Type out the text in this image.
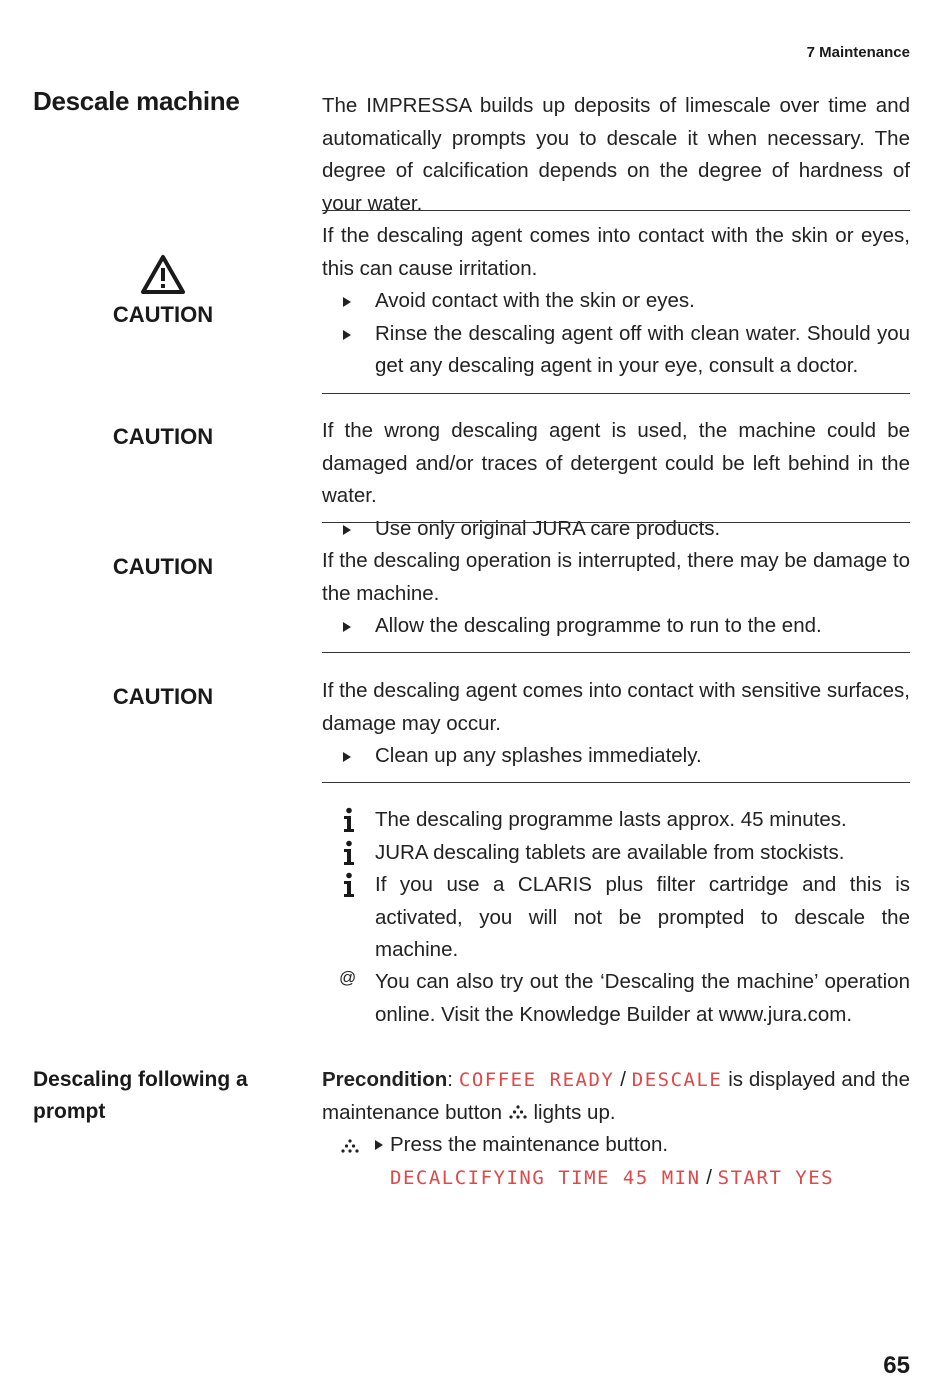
7 Maintenance
Descale machine	The IMPRESSA builds up deposits of limescale over time and automatically prompts you to descale it when necessary. The degree of calcification depends on the degree of hardness of your water.
CAUTION
If the descaling agent comes into contact with the skin or eyes, this can cause irritation.
Avoid contact with the skin or eyes.
Rinse the descaling agent off with clean water. Should you get any descaling agent in your eye, consult a doctor.
CAUTION	If the wrong descaling agent is used, the machine could be damaged and/or traces of detergent could be left behind in the water.
Use only original JURA care products.
CAUTION	If the descaling operation is interrupted, there may be damage to the machine.
Allow the descaling programme to run to the end.
CAUTION	If the descaling agent comes into contact with sensitive surfaces, damage may occur.
Clean up any splashes immediately.
The descaling programme lasts approx. 45 minutes.
JURA descaling tablets are available from stockists.
If you use a CLARIS plus filter cartridge and this is activated, you will not be prompted to descale the machine.
@ You can also try out the ‘Descaling the machine’ operation online. Visit the Knowledge Builder at www.jura.com.
Descaling following a prompt
Precondition: COFFEE READY / DESCALE is displayed and the maintenance button lights up.
Press the maintenance button.
DECALCIFYING TIME 45 MIN / START YES
65
